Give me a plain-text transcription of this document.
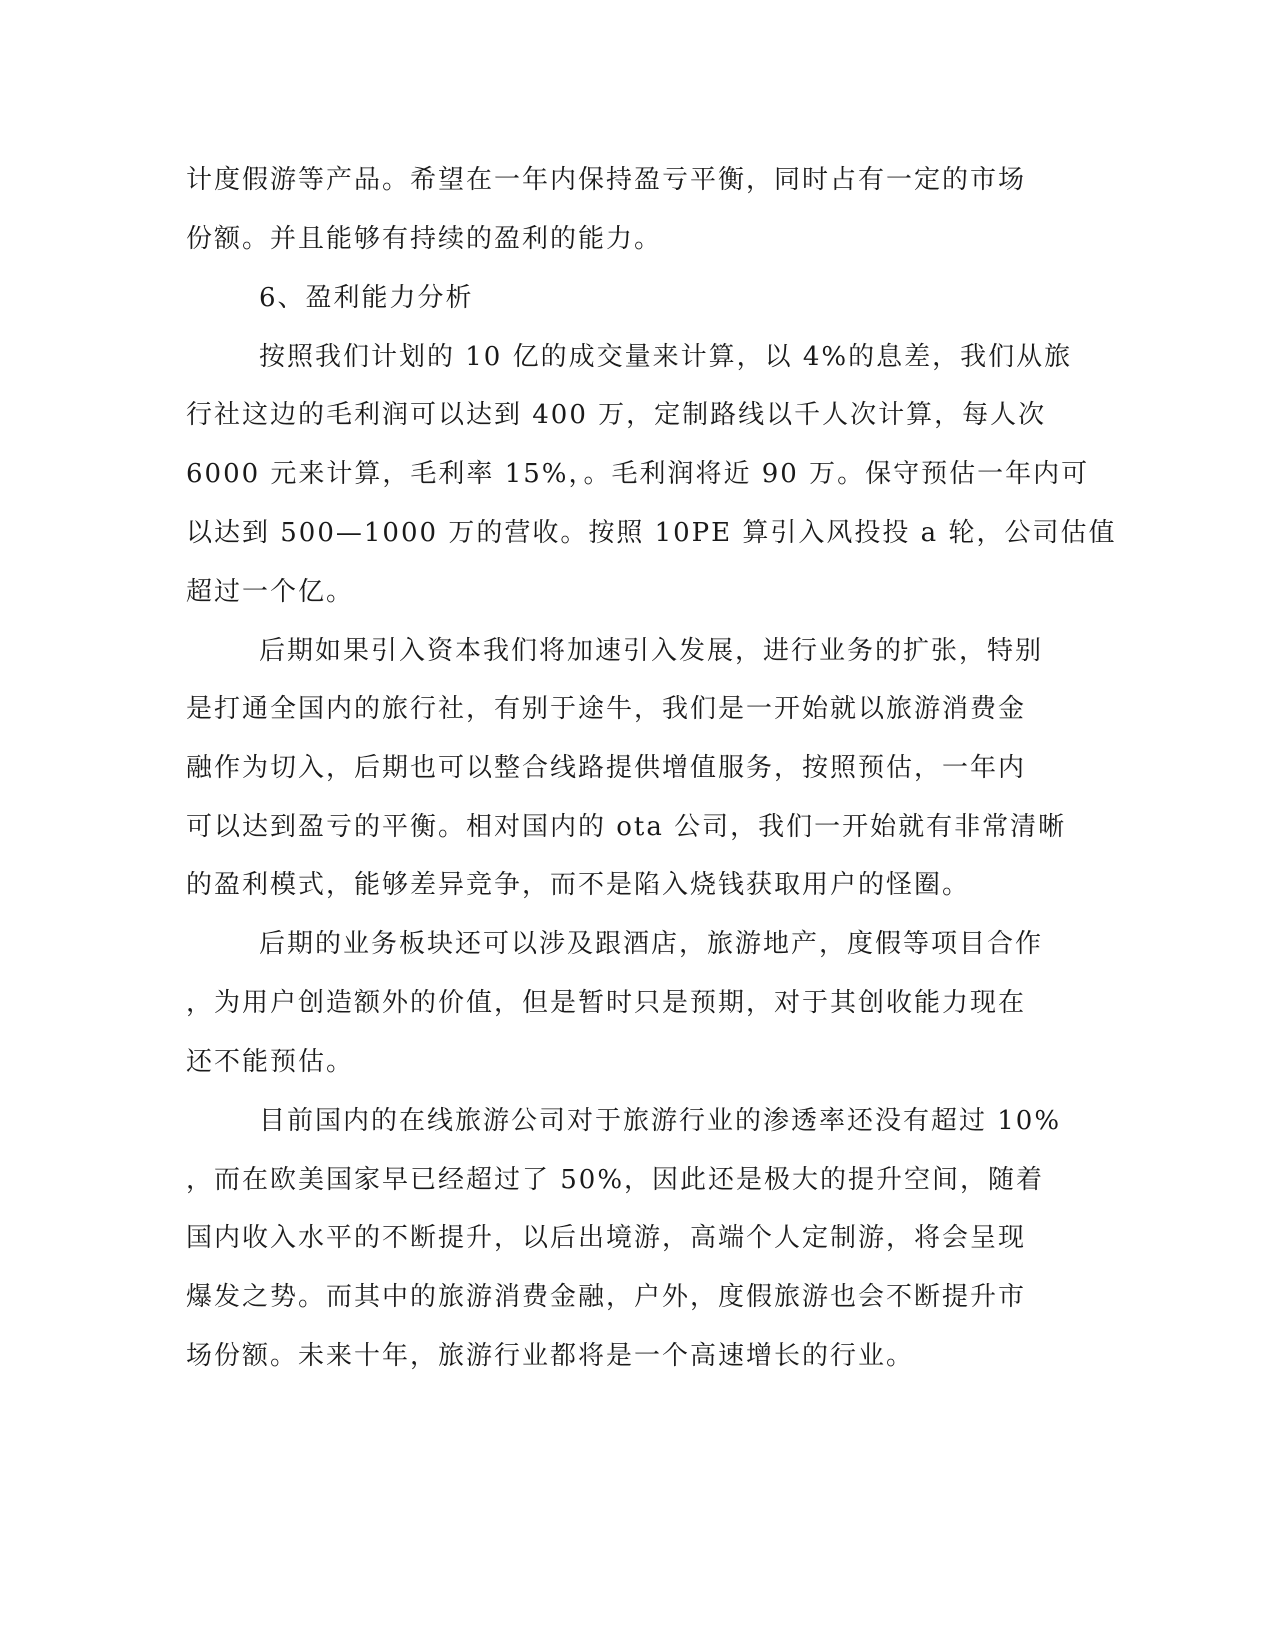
计度假游等产品。希望在一年内保持盈亏平衡，同时占有一定的市场

份额。并且能够有持续的盈利的能力。

6、盈利能力分析

按照我们计划的 10 亿的成交量来计算，以 4%的息差，我们从旅

行社这边的毛利润可以达到 400 万，定制路线以千人次计算，每人次

6000 元来计算，毛利率 15%，。毛利润将近 90 万。保守预估一年内可

以达到 500—1000 万的营收。按照 10PE 算引入风投投 a 轮，公司估值

超过一个亿。

后期如果引入资本我们将加速引入发展，进行业务的扩张，特别

是打通全国内的旅行社，有别于途牛，我们是一开始就以旅游消费金

融作为切入，后期也可以整合线路提供增值服务，按照预估，一年内

可以达到盈亏的平衡。相对国内的 ota 公司，我们一开始就有非常清晰

的盈利模式，能够差异竞争，而不是陷入烧钱获取用户的怪圈。

后期的业务板块还可以涉及跟酒店，旅游地产，度假等项目合作

，为用户创造额外的价值，但是暂时只是预期，对于其创收能力现在

还不能预估。

目前国内的在线旅游公司对于旅游行业的渗透率还没有超过 10%

，而在欧美国家早已经超过了 50%，因此还是极大的提升空间，随着

国内收入水平的不断提升，以后出境游，高端个人定制游，将会呈现

爆发之势。而其中的旅游消费金融，户外，度假旅游也会不断提升市

场份额。未来十年，旅游行业都将是一个高速增长的行业。
